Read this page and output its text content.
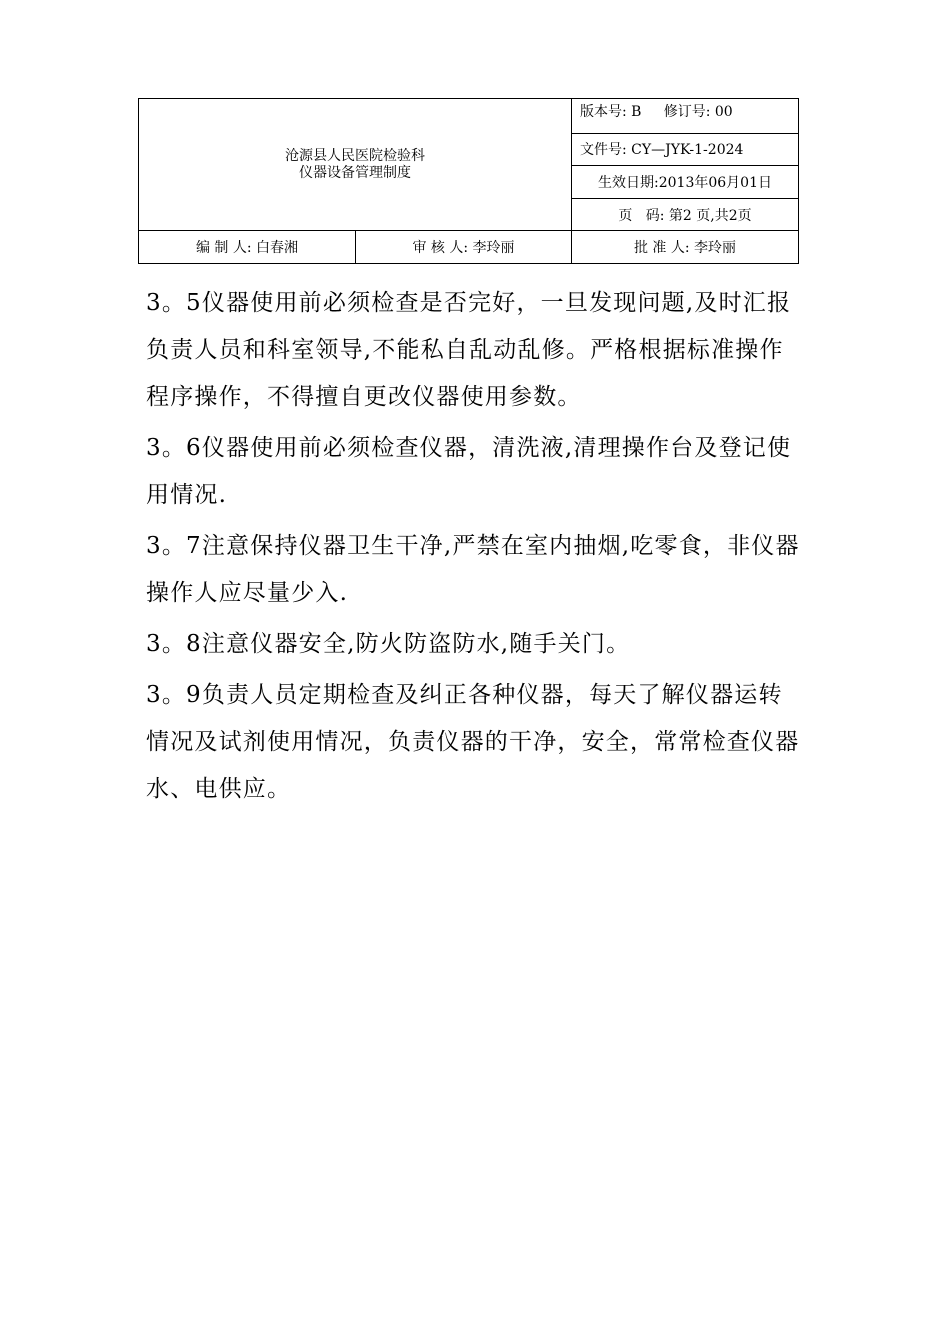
沧源县人民医院检验科
仪器设备管理制度		版本号: B     修订号: 00
		文件号: CY—JYK-1-2024
		生效日期:2013年06月01日
		页   码: 第2 页,共2页
编 制 人: 白春湘	审 核 人: 李玲丽	批 准 人: 李玲丽

3。5仪器使用前必须检查是否完好，一旦发现问题,及时汇报负责人员和科室领导,不能私自乱动乱修。严格根据标准操作程序操作，不得擅自更改仪器使用参数。

3。6仪器使用前必须检查仪器，清洗液,清理操作台及登记使用情况.

3。7注意保持仪器卫生干净,严禁在室内抽烟,吃零食，非仪器操作人应尽量少入.

3。8注意仪器安全,防火防盗防水,随手关门。

3。9负责人员定期检查及纠正各种仪器，每天了解仪器运转情况及试剂使用情况，负责仪器的干净，安全，常常检查仪器水、电供应。
